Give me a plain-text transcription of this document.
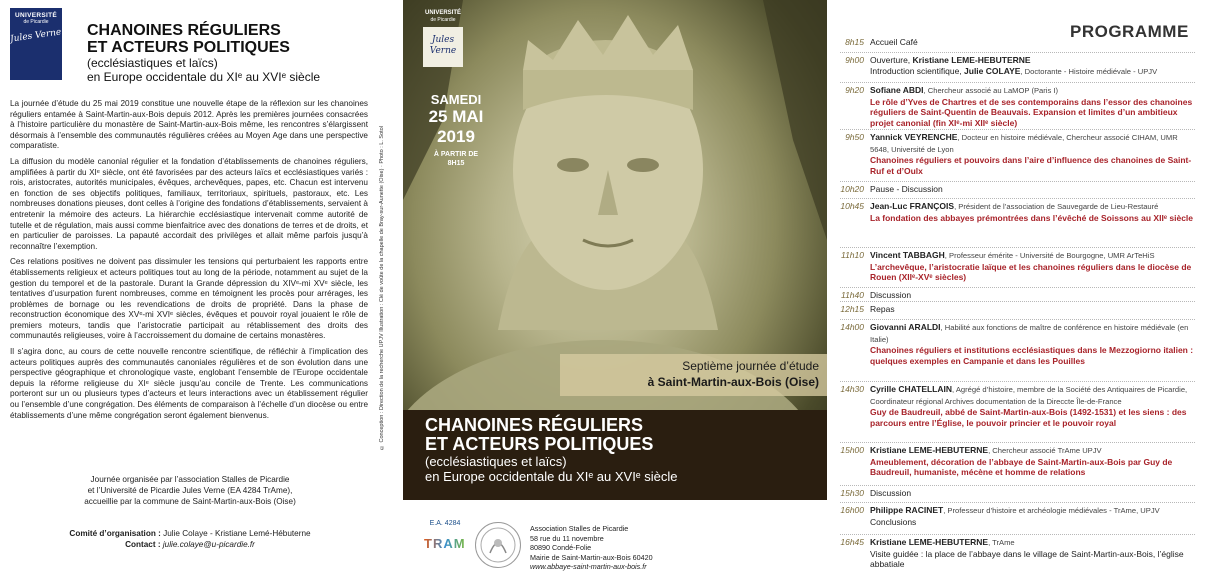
UNIVERSITÉ
de Picardie
Jules Verne CHANOINES RÉGULIERS
ET ACTEURS POLITIQUES
(ecclésiastiques et laïcs)
en Europe occidentale du XIᵉ au XVIᵉ siècle

La journée d’étude du 25 mai 2019 constitue une nouvelle étape de la réflexion sur les chanoines réguliers entamée à Saint-Martin-aux-Bois depuis 2012. Après les premières journées consacrées à l’histoire particulière du monastère de Saint-Martin-aux-Bois même, les rencontres s’élargissent désormais à l’ensemble des communautés régulières créées au Moyen Age dans une perspective comparatiste.

La diffusion du modèle canonial régulier et la fondation d’établissements de chanoines réguliers, amplifiées à partir du XIᵉ siècle, ont été favorisées par des acteurs laïcs et ecclésiastiques variés : rois, aristocrates, autorités municipales, évêques, archevêques, papes, etc. Chacun est intervenu en fonction de ses objectifs politiques, familiaux, territoriaux, spirituels, pastoraux, etc. Les nombreuses donations pieuses, dont celles à l’origine des fondations d’établissements, servaient à entretenir la mémoire des acteurs. La hiérarchie ecclésiastique intervenait comme autorité de tutelle et de régulation, mais aussi comme bienfaitrice avec des donations de terres et de droits, et en particulier de paroisses. La papauté accordait des privilèges et allait même parfois jusqu’à reconnaître l’exemption.

Ces relations positives ne doivent pas dissimuler les tensions qui perturbaient les rapports entre établissements religieux et acteurs politiques tout au long de la période, notamment au sujet de la gestion du temporel et de la pastorale. Durant la Grande dépression du XIVᵉ-mi XVᵉ siècle, les tentatives d’usurpation furent nombreuses, comme en témoignent les procès pour arrérages, les problèmes de bornage ou les revendications de droits de propriété. Dans la phase de reconstruction économique des XVᵉ-mi XVIᵉ siècles, évêques et pouvoir royal jouaient le rôle de premiers moteurs, tandis que l’aristocratie participait au rétablissement des droits des communautés religieuses, voire à l’accroissement du domaine de certains monastères.

Il s’agira donc, au cours de cette nouvelle rencontre scientifique, de réfléchir à l’implication des acteurs politiques auprès des communautés canoniales régulières et de son évolution dans une perspective géographique et chronologique vaste, englobant l’ensemble de l’Europe occidentale depuis la réforme religieuse du XIᵉ siècle jusqu’au concile de Trente. Les communications porteront sur un ou plusieurs types d’acteurs et leurs interactions avec un établissement régulier ou l’ensemble d’une congrégation. Des éléments de comparaison à l’échelle d’un diocèse ou entre établissements d’une même congrégation seront également bienvenus.

Journée organisée par l’association Stalles de Picardie
et l’Université de Picardie Jules Verne (EA 4284 TrAme),
accueillie par la commune de Saint-Martin-aux-Bois (Oise)
Comité d’organisation : Julie Colaye - Kristiane Lemé-Hébuterne
Contact : julie.colaye@u-picardie.fr
© Conception : Direction de la recherche UPJV Illustration : Clé de voûte de la chapelle de Bray-sur-Aunette (Oise) · Photo : L. Sotol
UNIVERSITÉ
de Picardie
Jules Verne
SAMEDI
25 MAI
2019
À PARTIR DE
8H15
Septième journée d’étude
à Saint-Martin-aux-Bois (Oise)
CHANOINES RÉGULIERS
ET ACTEURS POLITIQUES
(ecclésiastiques et laïcs)
en Europe occidentale du XIᵉ au XVIᵉ siècle
E.A. 4284
TRAME
Association Stalles de Picardie
58 rue du 11 novembre
80890 Condé-Folie
Mairie de Saint-Martin-aux-Bois 60420
www.abbaye-saint-martin-aux-bois.fr
PROGRAMME
8h15 Accueil Café
9h00 Ouverture, Kristiane LEME-HEBUTERNE
Introduction scientifique, Julie COLAYE, Doctorante - Histoire médiévale - UPJV
9h20 Sofiane ABDI, Chercheur associé au LaMOP (Paris I)
Le rôle d’Yves de Chartres et de ses contemporains dans l’essor des chanoines réguliers de Saint-Quentin de Beauvais. Expansion et limites d’un ambitieux projet canonial (fin XIᵉ-mi XIIᵉ siècle)
9h50 Yannick VEYRENCHE, Docteur en histoire médiévale, Chercheur associé CIHAM, UMR 5648, Université de Lyon
Chanoines réguliers et pouvoirs dans l’aire d’influence des chanoines de Saint-Ruf et d’Oulx
10h20 Pause - Discussion
10h45 Jean-Luc FRANÇOIS, Président de l’association de Sauvegarde de Lieu-Restauré
La fondation des abbayes prémontrées dans l’évêché de Soissons au XIIᵉ siècle
11h10 Vincent TABBAGH, Professeur émérite - Université de Bourgogne, UMR ArTeHiS
L’archevêque, l’aristocratie laïque et les chanoines réguliers dans le diocèse de Rouen (XIIᵉ-XVᵉ siècles)
11h40 Discussion
12h15 Repas
14h00 Giovanni ARALDI, Habilité aux fonctions de maître de conférence en histoire médiévale (en Italie)
Chanoines réguliers et institutions ecclésiastiques dans le Mezzogiorno italien : quelques exemples en Campanie et dans les Pouilles
14h30 Cyrille CHATELLAIN, Agrégé d’histoire, membre de la Société des Antiquaires de Picardie, Coordinateur régional Archives documentation de la Direccte Île-de-France
Guy de Baudreuil, abbé de Saint-Martin-aux-Bois (1492-1531) et les siens : des parcours entre l’Église, le pouvoir princier et le pouvoir royal
15h00 Kristiane LEME-HEBUTERNE, Chercheur associé TrAme UPJV
Ameublement, décoration de l’abbaye de Saint-Martin-aux-Bois par Guy de Baudreuil, humaniste, mécène et homme de relations
15h30 Discussion
16h00 Philippe RACINET, Professeur d’histoire et archéologie médiévales - TrAme, UPJV
Conclusions
16h45 Kristiane LEME-HEBUTERNE, TrAme
Visite guidée : la place de l’abbaye dans le village de Saint-Martin-aux-Bois, l’église abbatiale
